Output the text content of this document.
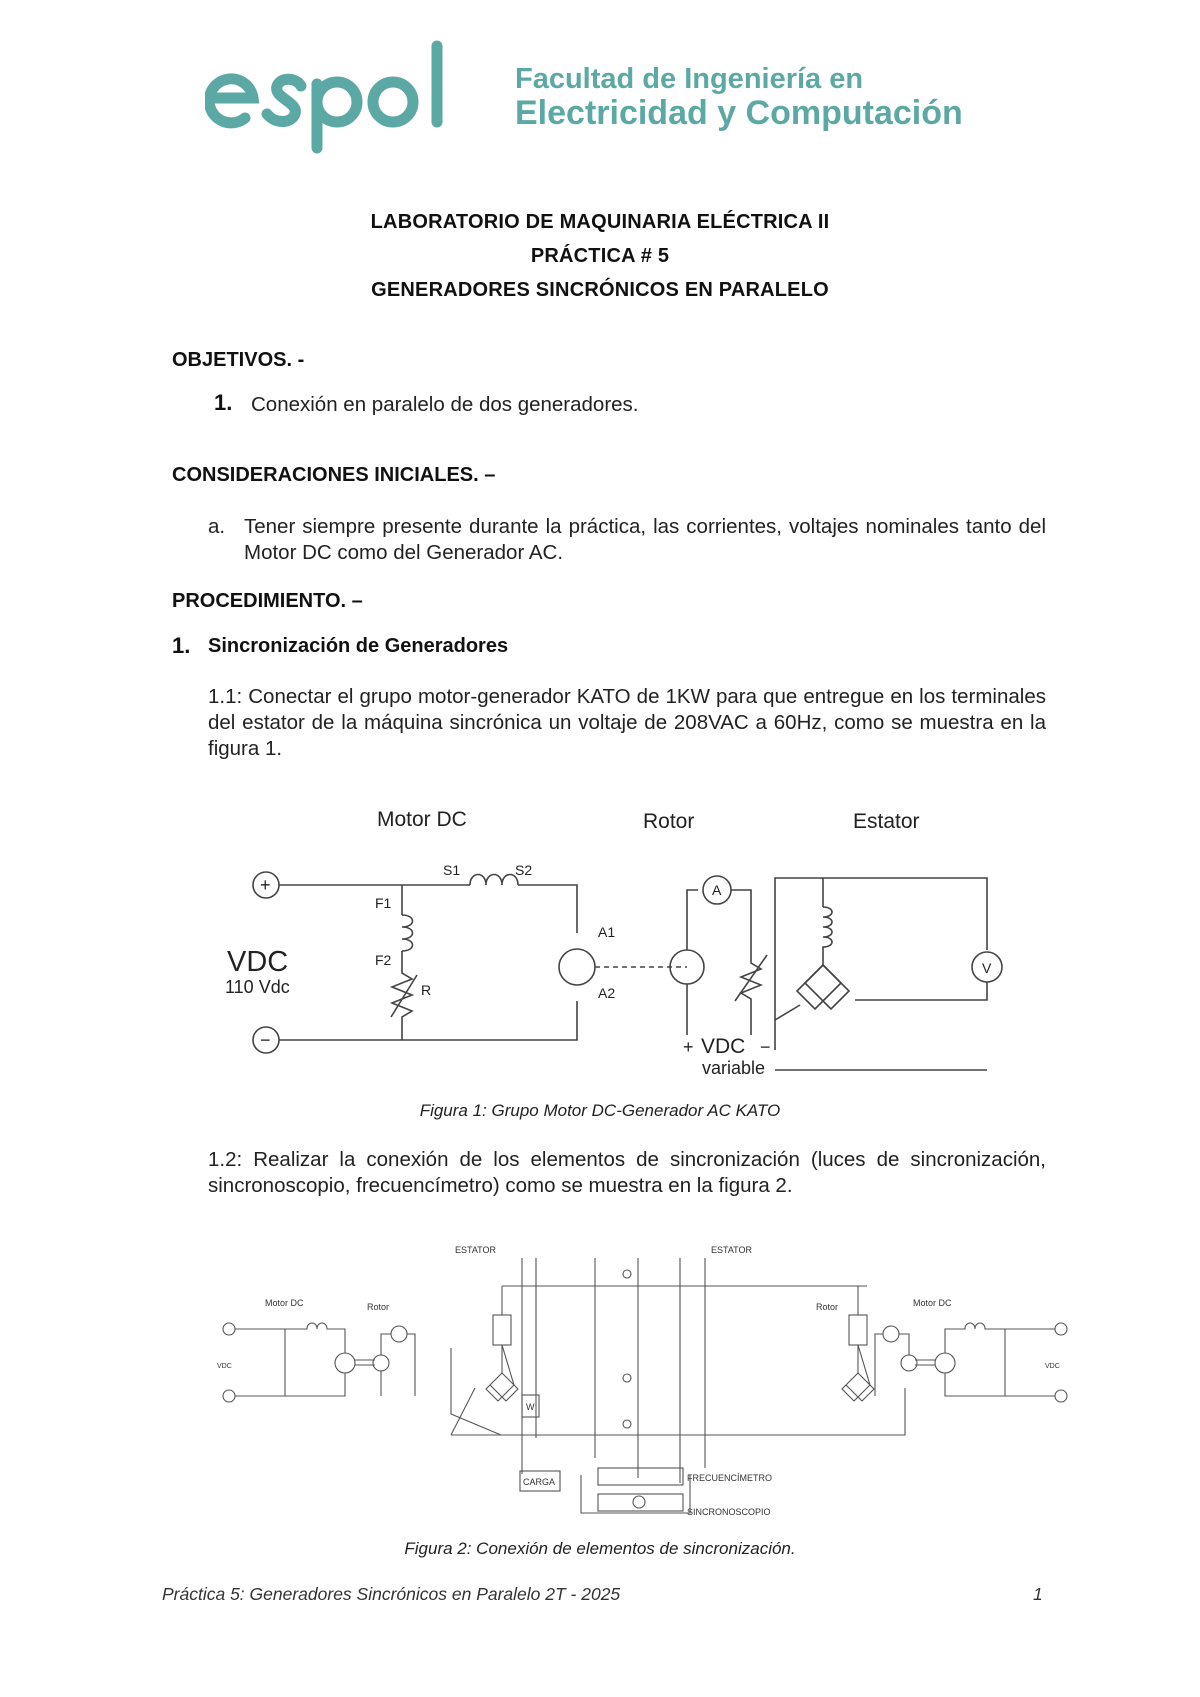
Facultad de Ingeniería en
Electricidad y Computación
LABORATORIO DE MAQUINARIA ELÉCTRICA II
PRÁCTICA # 5
GENERADORES SINCRÓNICOS EN PARALELO
OBJETIVOS. -
1. Conexión en paralelo de dos generadores.
CONSIDERACIONES INICIALES. –
a. Tener siempre presente durante la práctica, las corrientes, voltajes nominales tanto del Motor DC como del Generador AC.
PROCEDIMIENTO. –
1. Sincronización de Generadores
1.1: Conectar el grupo motor-generador KATO de 1KW para que entregue en los terminales del estator de la máquina sincrónica un voltaje de 208VAC a 60Hz, como se muestra en la figura 1.
Motor DC	Rotor	Estator
+
−
VDC
110 Vdc
S1	S2
F1
F2
R
A1
A2
A
V
+ VDC −
variable
Figura 1: Grupo Motor DC-Generador AC KATO
1.2: Realizar la conexión de los elementos de sincronización (luces de sincronización, sincronoscopio, frecuencímetro) como se muestra en la figura 2.
ESTATOR	ESTATOR
Motor DC	Rotor	Rotor	Motor DC
W
CARGA	FRECUENCÍMETRO
SINCRONOSCOPIO
VDC	VDC
Figura 2: Conexión de elementos de sincronización.
Práctica 5: Generadores Sincrónicos en Paralelo 2T - 2025	1
